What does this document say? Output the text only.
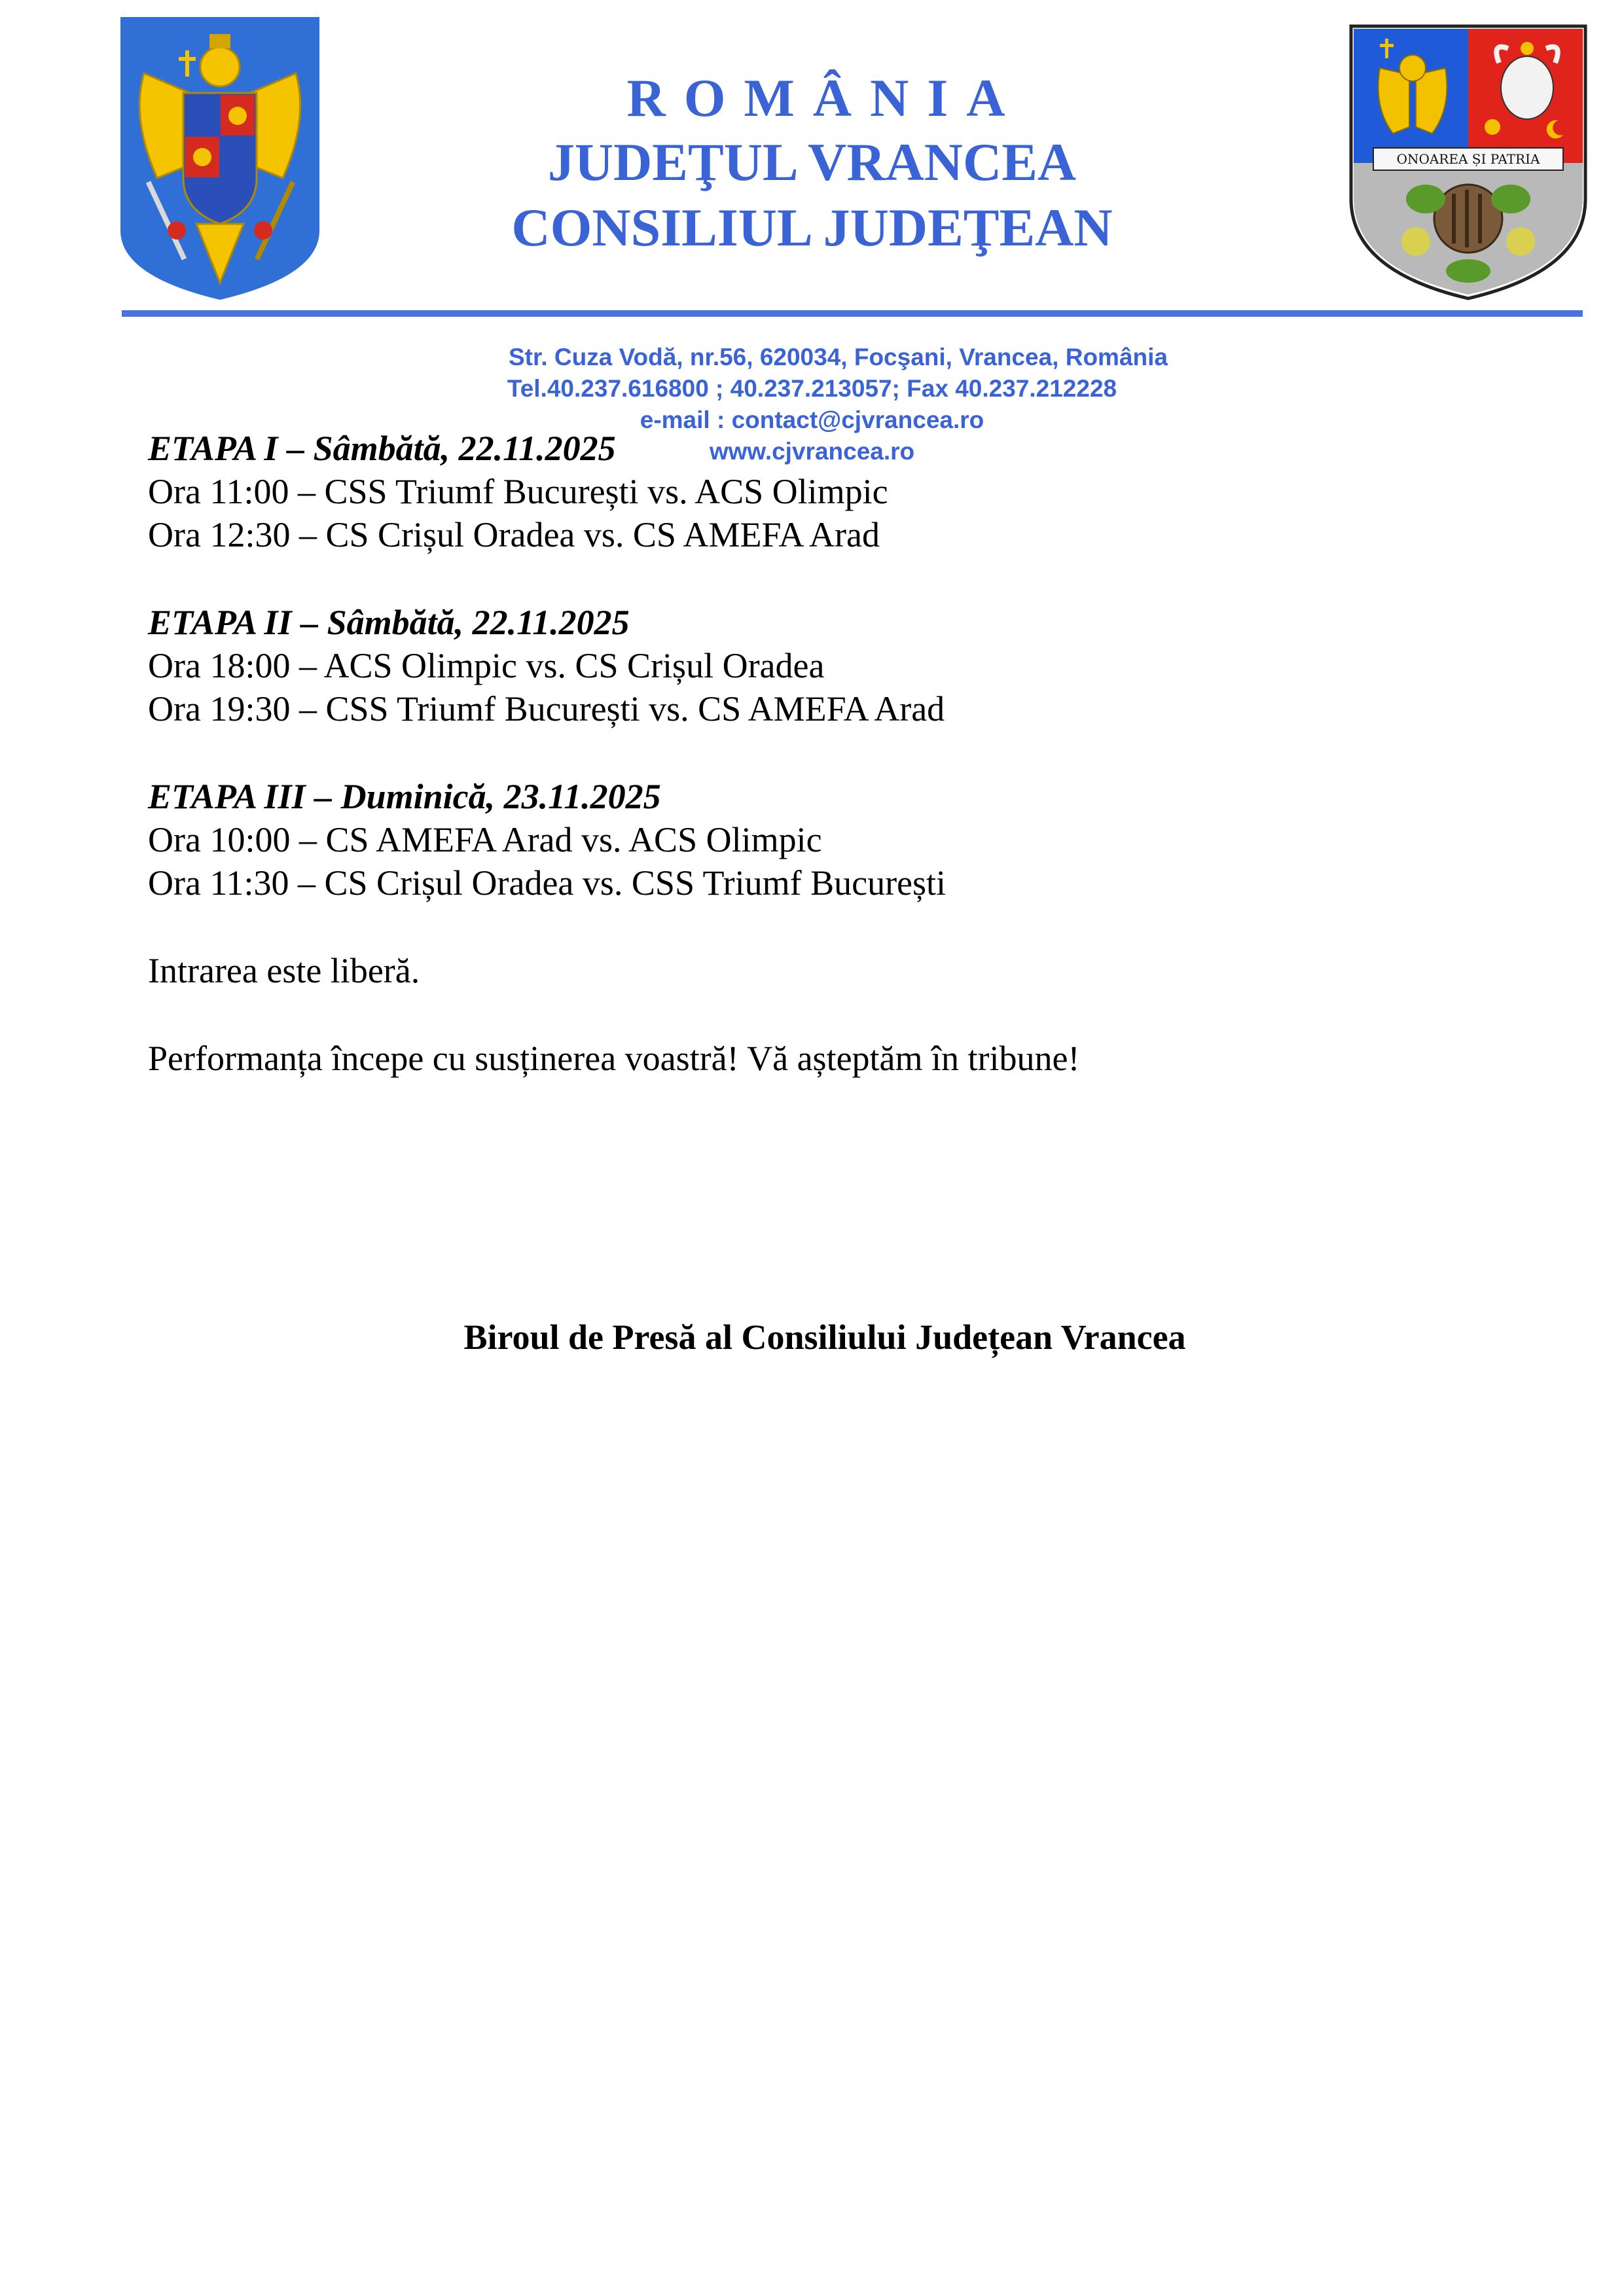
ONOAREA ȘI PATRIA
ROMÂNIA
JUDEŢUL VRANCEA
CONSILIUL JUDEŢEAN
Str. Cuza Vodă, nr.56, 620034, Focşani, Vrancea, România
Tel.40.237.616800 ; 40.237.213057; Fax 40.237.212228
e-mail : contact@cjvrancea.ro
www.cjvrancea.ro
ETAPA I – Sâmbătă, 22.11.2025
Ora 11:00 – CSS Triumf București vs. ACS Olimpic
Ora 12:30 – CS Crișul Oradea vs. CS AMEFA Arad
ETAPA II – Sâmbătă, 22.11.2025
Ora 18:00 – ACS Olimpic vs. CS Crișul Oradea
Ora 19:30 – CSS Triumf București vs. CS AMEFA Arad
ETAPA III – Duminică, 23.11.2025
Ora 10:00 – CS AMEFA Arad vs. ACS Olimpic
Ora 11:30 – CS Crișul Oradea vs. CSS Triumf București
Intrarea este liberă.
Performanța începe cu susținerea voastră! Vă așteptăm în tribune!
Biroul de Presă al Consiliului Județean Vrancea
